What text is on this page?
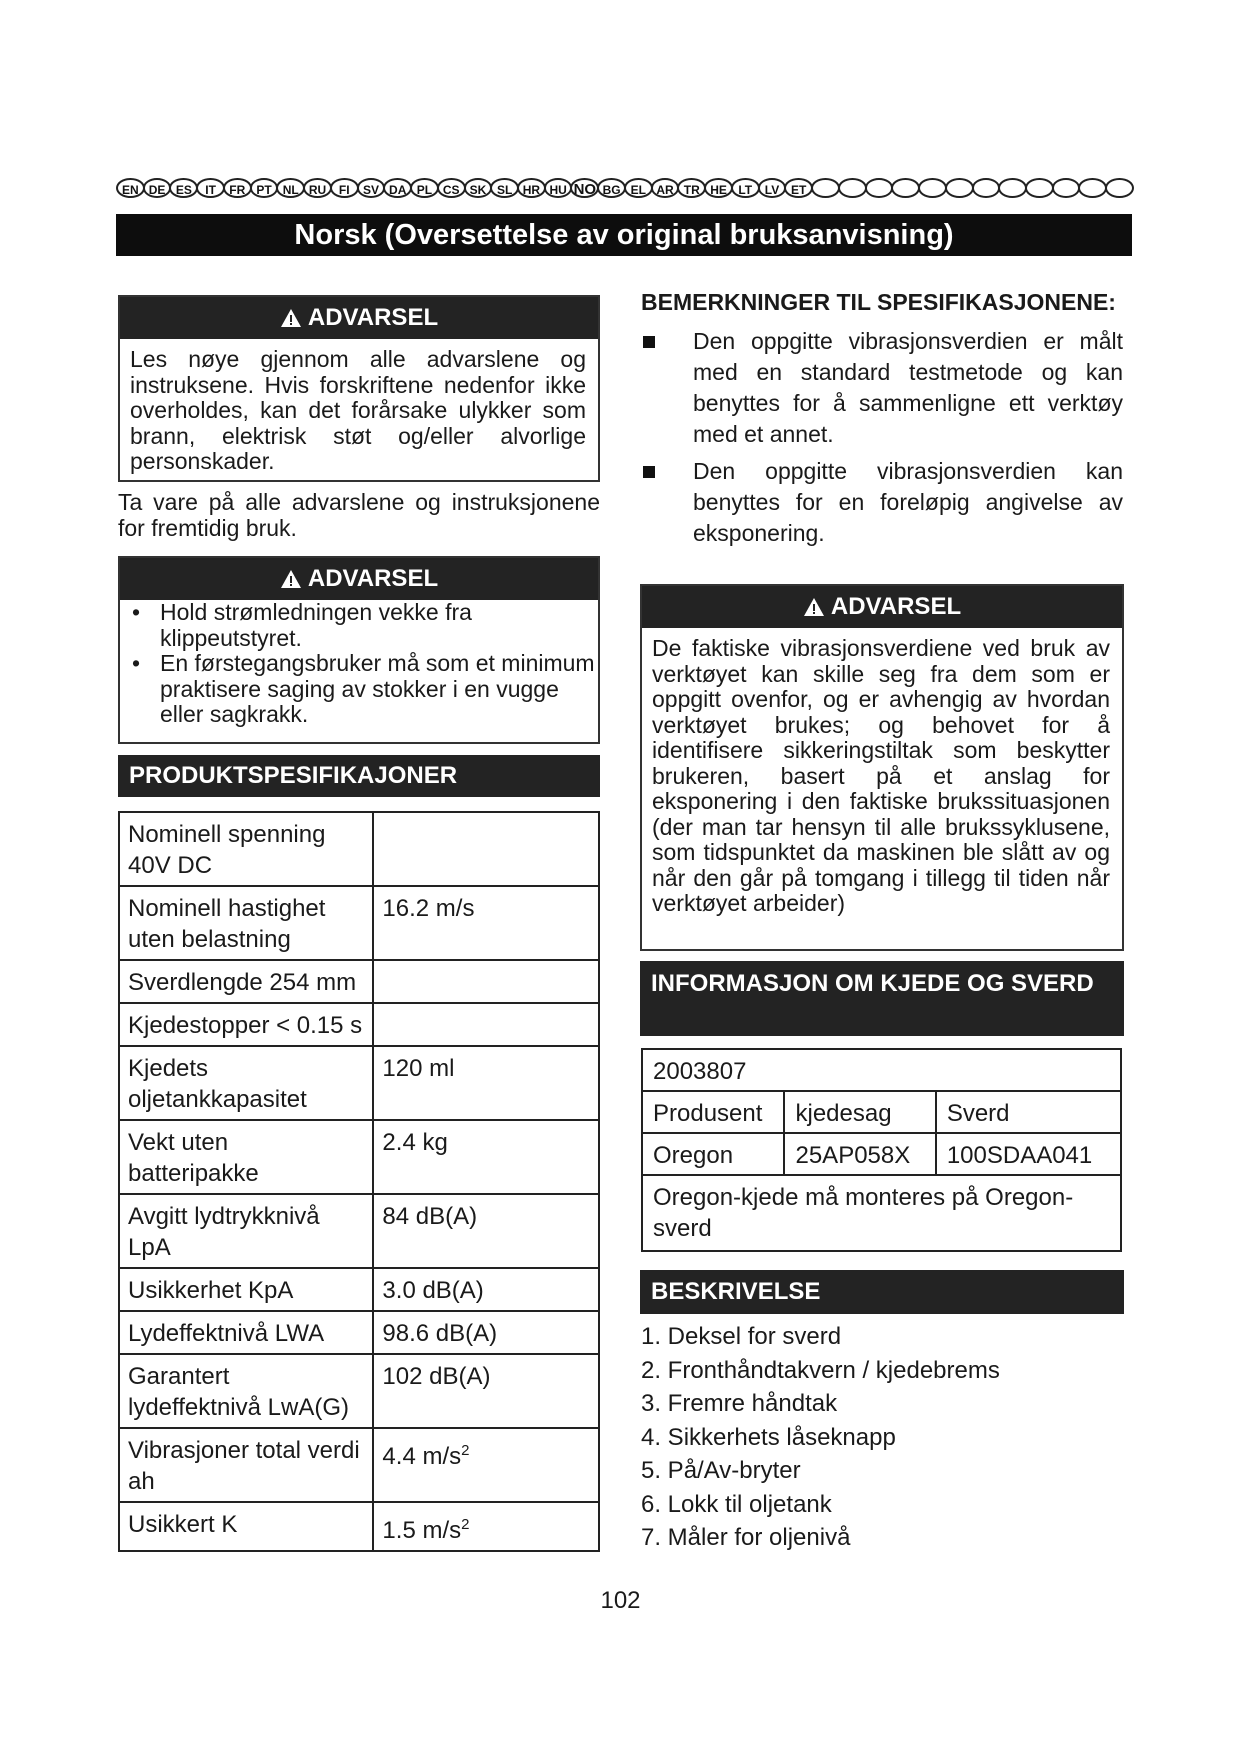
EN DE ES	IT	FR PT NL RU	FI	SV DA PL CS SK SL HR HU NO BG EL AR TR HE LT	LV ET
Norsk (Oversettelse av original bruksanvisning)
ADVARSEL
Les nøye gjennom alle advarslene og instruksene. Hvis forskriftene nedenfor ikke overholdes, kan det forårsake ulykker som brann, elektrisk støt og/eller alvorlige personskader.
Ta vare på alle advarslene og instruksjonene for fremtidig bruk.
ADVARSEL
• Hold strømledningen vekke fra klippeutstyret.
• En førstegangsbruker må som et minimum praktisere saging av stokker i en vugge eller sagkrakk.
PRODUKTSPESIFIKAJONER
Nominell spenning 40V DC	
Nominell hastighet uten belastning	16.2 m/s
Sverdlengde 254 mm	
Kjedestopper < 0.15 s	
Kjedets oljetankkapasitet	120 ml
Vekt uten batteripakke	2.4 kg
Avgitt lydtrykknivå LpA	84 dB(A)
Usikkerhet KpA	3.0 dB(A)
Lydeffektnivå LWA	98.6 dB(A)
Garantert lydeffektnivå LwA(G)	102 dB(A)
Vibrasjoner total verdi ah	4.4 $m/s^2$
Usikkert K	1.5 $m/s^2$
BEMERKNINGER TIL SPESIFIKASJONENE:
Den oppgitte vibrasjonsverdien er målt med en standard testmetode og kan benyttes for å sammenligne ett verktøy med et annet.
Den oppgitte vibrasjonsverdien kan benyttes for en foreløpig angivelse av eksponering.
ADVARSEL
De faktiske vibrasjonsverdiene ved bruk av verktøyet kan skille seg fra dem som er oppgitt ovenfor, og er avhengig av hvordan verktøyet brukes; og behovet for å identifisere sikkeringstiltak som beskytter brukeren, basert på et anslag for eksponering i den faktiske brukssituasjonen (der man tar hensyn til alle brukssyklusene, som tidspunktet da maskinen ble slått av og når den går på tomgang i tillegg til tiden når verktøyet arbeider)
INFORMASJON OM KJEDE OG SVERD
2003807		
Produsent	kjedesag	Sverd
Oregon	25AP058X	100SDAA041
Oregon-kjede må monteres på Oregon-sverd		
BESKRIVELSE
1. Deksel for sverd
2. Fronthåndtakvern / kjedebrems
3. Fremre håndtak
4. Sikkerhets låseknapp
5. På/Av-bryter
6. Lokk til oljetank
7. Måler for oljenivå
102
